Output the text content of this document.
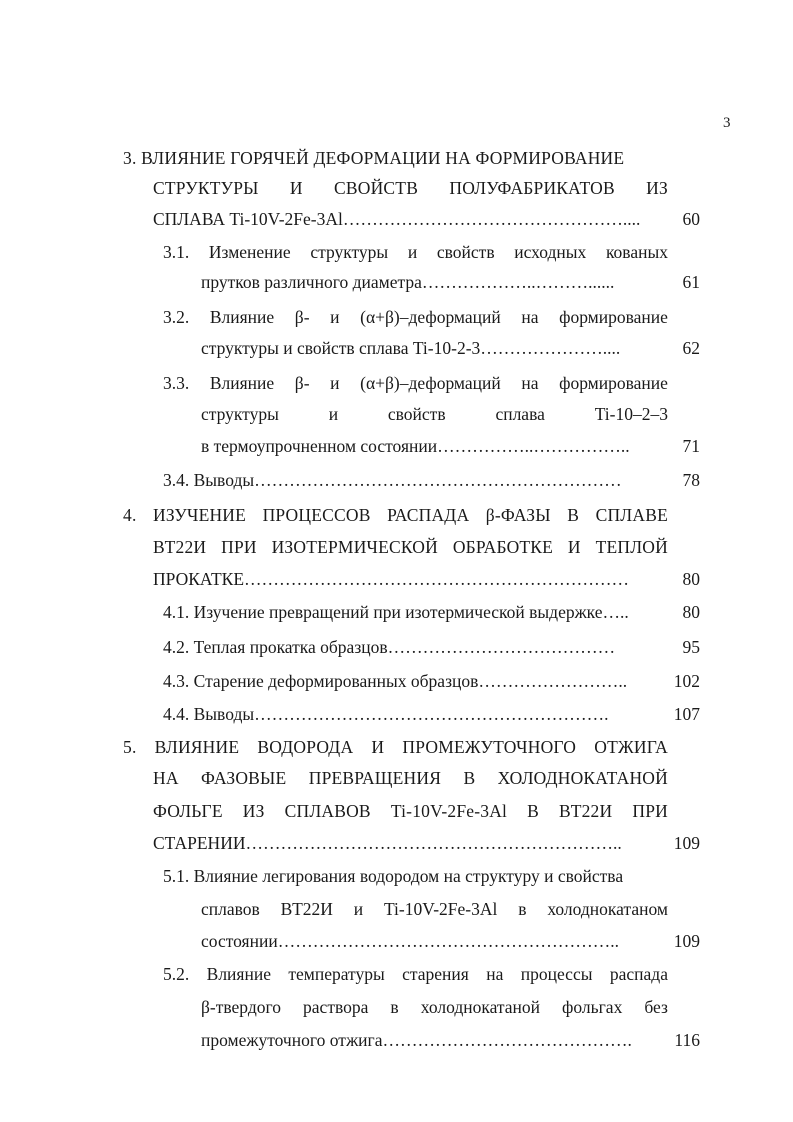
3
3. ВЛИЯНИЕ ГОРЯЧЕЙ ДЕФОРМАЦИИ НА ФОРМИРОВАНИЕ
СТРУКТУРЫ И СВОЙСТВ ПОЛУФАБРИКАТОВ ИЗ
СПЛАВА Ti-10V-2Fe-3Al…………………………………………....	60
3.1. Изменение структуры и свойств исходных кованых
прутков различного диаметра………………..………......	61
3.2. Влияние β- и (α+β)–деформаций на формирование
структуры и свойств сплава Ti-10-2-3…………………....	62
3.3. Влияние β- и (α+β)–деформаций на формирование
структуры	и	свойств	сплава	Ti-10–2–3
в термоупрочненном состоянии……………..……………..	71
3.4. Выводы………………………………………………………	78
4. ИЗУЧЕНИЕ ПРОЦЕССОВ РАСПАДА β-ФАЗЫ В СПЛАВЕ
ВТ22И ПРИ ИЗОТЕРМИЧЕСКОЙ ОБРАБОТКЕ И ТЕПЛОЙ
ПРОКАТКЕ…………………………………………………………	80
4.1. Изучение превращений при изотермической выдержке…..	80
4.2. Теплая прокатка образцов…………………………………	95
4.3. Старение деформированных образцов……………………..	102
4.4. Выводы…………………………………………………….	107
5. ВЛИЯНИЕ ВОДОРОДА И ПРОМЕЖУТОЧНОГО ОТЖИГА
НА ФАЗОВЫЕ ПРЕВРАЩЕНИЯ В ХОЛОДНОКАТАНОЙ
ФОЛЬГЕ ИЗ СПЛАВОВ Ti-10V-2Fe-3Al В ВТ22И ПРИ
СТАРЕНИИ………………………………………………………..	109
5.1. Влияние легирования водородом на структуру и свойства
сплавов ВТ22И и Ti-10V-2Fe-3Al в холоднокатаном
состоянии…………………………………………………..	109
5.2. Влияние температуры старения на процессы распада
β-твердого раствора в холоднокатаной фольгах без
промежуточного отжига…………………………………….	116
